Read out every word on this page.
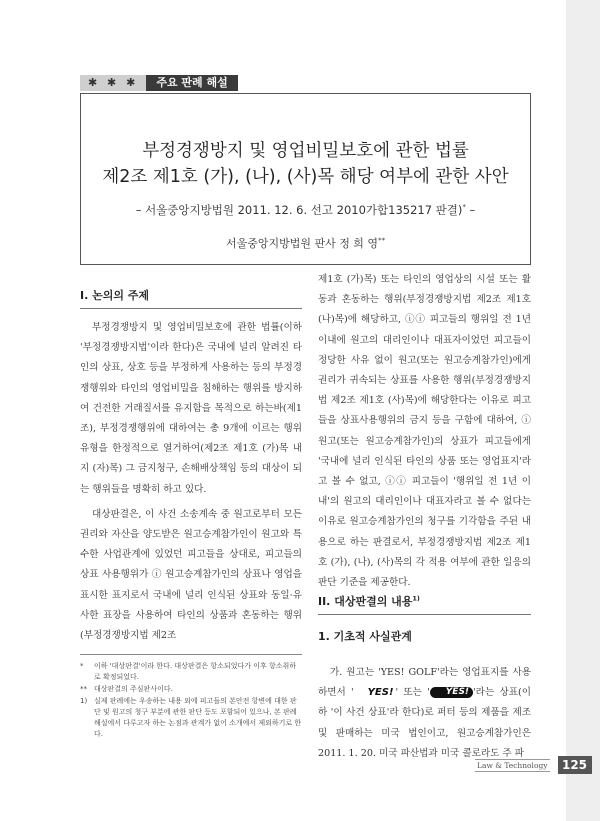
✱ ✱ ✱	주요 판례 해설
부정경쟁방지 및 영업비밀보호에 관한 법률
제2조 제1호 (가), (나), (사)목 해당 여부에 관한 사안
– 서울중앙지방법원 2011. 12. 6. 선고 2010가합135217 판결)* –
서울중앙지방법원 판사 정 희 영**
I. 논의의 주제

부정경쟁방지 및 영업비밀보호에 관한 법률(이하 '부정경쟁방지법'이라 한다)은 국내에 널리 알려진 타인의 상표, 상호 등을 부정하게 사용하는 등의 부정경쟁행위와 타인의 영업비밀을 침해하는 행위를 방지하여 건전한 거래질서를 유지함을 목적으로 하는바(제1조), 부정경쟁행위에 대하여는 총 9개에 이르는 행위 유형을 한정적으로 열거하여(제2조 제1호 (가)목 내지 (자)목) 그 금지청구, 손해배상책임 등의 대상이 되는 행위들을 명확히 하고 있다.

대상판결은, 이 사건 소송계속 중 원고로부터 모든 권리와 자산을 양도받은 원고승계참가인이 원고와 특수한 사업관계에 있었던 피고들을 상대로, 피고들의 상표 사용행위가 ⓘ 원고승계참가인의 상표나 영업을 표시한 표지로서 국내에 널리 인식된 상표와 동일·유사한 표장을 사용하여 타인의 상품과 혼동하는 행위(부정경쟁방지법 제2조

제1호 (가)목) 또는 타인의 영업상의 시설 또는 활동과 혼동하는 행위(부정경쟁방지법 제2조 제1호 (나)목)에 해당하고, ⓘⓘ 피고들의 행위일 전 1년 이내에 원고의 대리인이나 대표자이었던 피고들이 정당한 사유 없이 원고(또는 원고승계참가인)에게 권리가 귀속되는 상표를 사용한 행위(부정경쟁방지법 제2조 제1호 (사)목)에 해당한다는 이유로 피고들을 상표사용행위의 금지 등을 구함에 대하여, ⓘ 원고(또는 원고승계참가인)의 상표가 피고들에게 '국내에 널리 인식된 타인의 상품 또는 영업표지'라고 볼 수 없고, ⓘⓘ 피고들이 '행위일 전 1년 이내'의 원고의 대리인이나 대표자라고 볼 수 없다는 이유로 원고승계참가인의 청구를 기각함을 주된 내용으로 하는 판결로서, 부정경쟁방지법 제2조 제1호 (가), (나), (사)목의 각 적용 여부에 관한 일응의 판단 기준을 제공한다.

II. 대상판결의 내용$^{1)}$
1. 기초적 사실관계

가. 원고는 'YES! GOLF'라는 영업표지를 사용하면서 ' YES! ' 또는 ' YES! '라는 상표(이하 '이 사건 상표'라 한다)로 퍼터 등의 제품을 제조 및 판매하는 미국 법인이고, 원고승계참가인은 2011. 1. 20. 미국 파산법과 미국 콜로라도 주 파

*	이하 '대상판결'이라 한다. 대상판결은 항소되었다가 이후 항소취하로 확정되었다.
**	대상판결의 주심판사이다.
1) 실제 판례에는 우송하는 내용 외에 피고들의 본안전 항변에 대한 판단 및 원고의 청구 부분에 관한 판단 등도 포함되어 있으나, 본 판례 해설에서 다루고자 하는 논점과 관계가 없어 소개에서 제외하기로 한다.
Law & Technology	125
